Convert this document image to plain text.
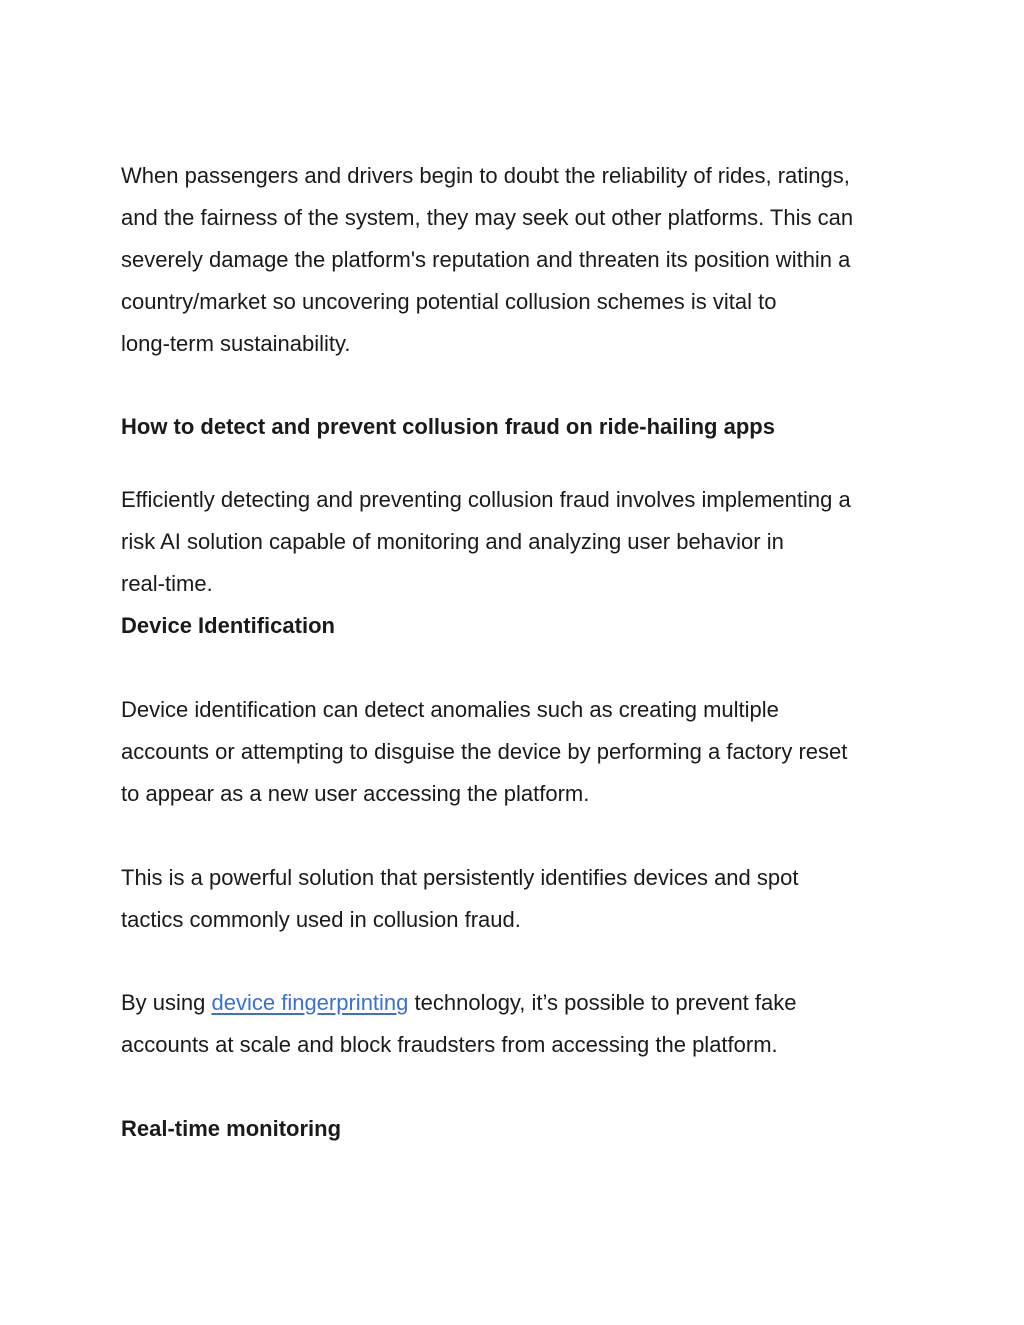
When passengers and drivers begin to doubt the reliability of rides, ratings,
and the fairness of the system, they may seek out other platforms. This can
severely damage the platform's reputation and threaten its position within a
country/market so uncovering potential collusion schemes is vital to
long-term sustainability.

How to detect and prevent collusion fraud on ride-hailing apps

Efficiently detecting and preventing collusion fraud involves implementing a
risk AI solution capable of monitoring and analyzing user behavior in
real-time.

Device Identification

Device identification can detect anomalies such as creating multiple
accounts or attempting to disguise the device by performing a factory reset
to appear as a new user accessing the platform.

This is a powerful solution that persistently identifies devices and spot
tactics commonly used in collusion fraud.

By using device fingerprinting technology, it’s possible to prevent fake
accounts at scale and block fraudsters from accessing the platform.

Real-time monitoring
